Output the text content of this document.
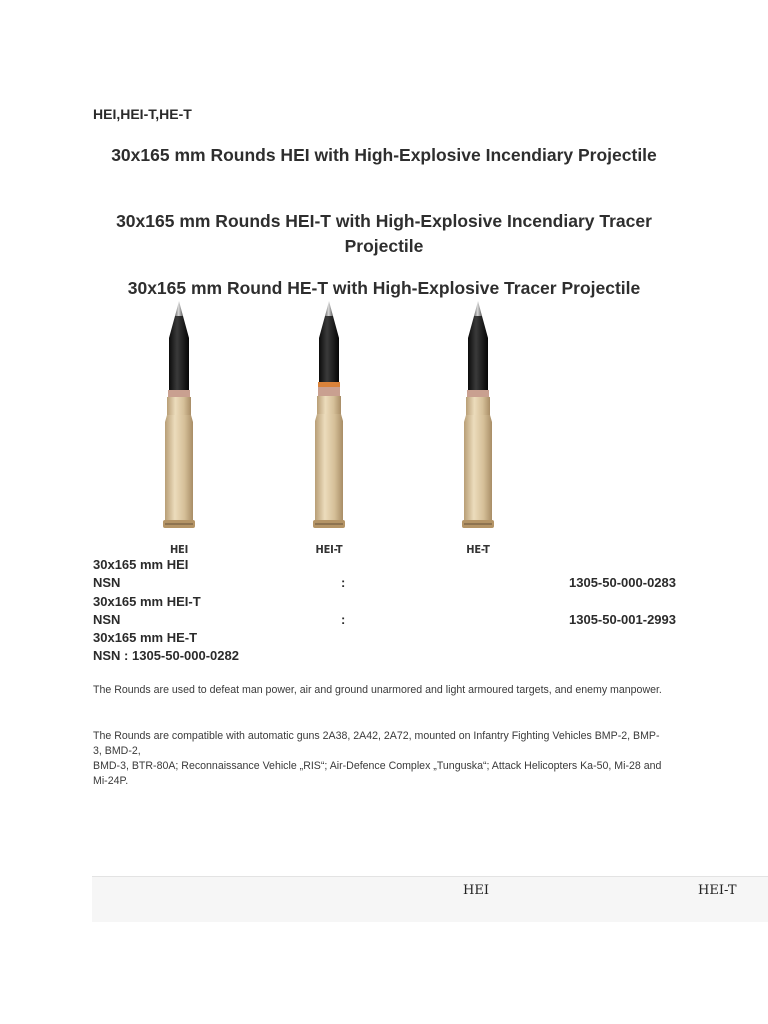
HEI,HEI-T,HE-T
30x165 mm Rounds HEI with High-Explosive Incendiary Projectile
30x165 mm Rounds HEI-T with High-Explosive Incendiary Tracer Projectile
30x165 mm Round HE-T with High-Explosive Tracer Projectile
HEI	HEI-T	HE-T
30x165 mm HEI
NSN	:	1305-50-000-0283
30x165 mm HEI-T
NSN	:	1305-50-001-2993
30x165 mm HE-T
NSN : 1305-50-000-0282

The Rounds are used to defeat man power, air and ground unarmored and light armoured targets, and enemy manpower.

The Rounds are compatible with automatic guns 2A38, 2A42, 2A72, mounted on Infantry Fighting Vehicles BMP-2, BMP-3, BMD-2,

BMD-3, BTR-80A; Reconnaissance Vehicle „RIS“; Air-Defence Complex „Tunguska“; Attack Helicopters Ka-50, Mi-28 and Mi-24P.

HEI	HEI-T
